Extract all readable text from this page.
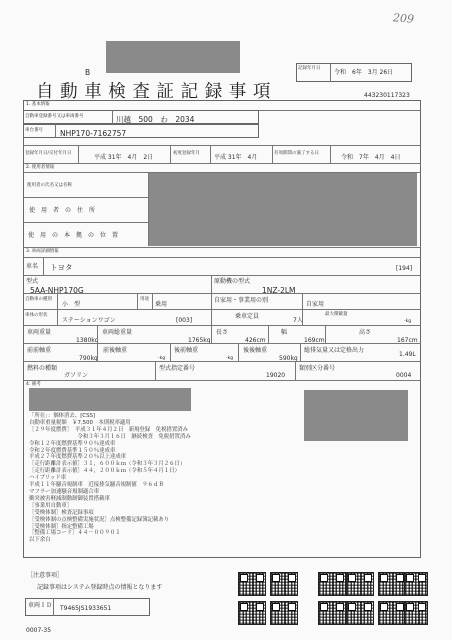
209
B
自動車検査証記録事項
記録年月日
令和　6年　3月 26日
443230117323
1. 基本情報
自動車登録番号又は車両番号	川越　500　わ　2034
車台番号 NHP170-7162757
登録年月日/交付年月日
平成 31年　4月　2日
初度登録年月
平成 31年　4月
有効期間の満了する日
令和　7年　4月　4日
2. 使用者情報
使用者の氏名又は名称
使　用　者　の　住　所
使　用　の　本　拠　の　位　置
3. 車両詳細情報
車名 トヨタ	[194]
型式
5AA-NHP170G
原動機の型式
1NZ-2LM
自動車の種別
小　型
用途
乗用
自家用・事業用の別
自家用
車体の形状
ステーションワゴン	[003]
乗車定員
7人
最大積載量
-kg
車両重量
1380kg
車両総重量
1765kg
長さ
426cm
幅
169cm
高さ
167cm
前前軸重
790kg
前後軸重
-kg
後前軸重
-kg
後後軸重
590kg
総排気量又は定格出力
1.49L
燃料の種類
ガソリン
型式指定番号
19020
類別区分番号
0004
4. 備考
「所在」：個体消去、[CSS]
自動車重量税額　￥7,500　本則税率適用
［２９年度燃費］　平成３１年４月２日　新規登録　免税措置済み
　　　　　　　　　令和３年３月１６日　継続検査　免税措置済み
令和１２年度燃費基準９０％達成車
令和２年度燃費基準１５０％達成車
平成２７年度燃費基準２０％以上達成車
［走行距離計表示値］３１，６００ｋｍ（令和３年３月２６日）
［走行距離計表示値］４４，２００ｋｍ（令和５年４月１日）
ハイブリッド車
平成１１年騒音規制車　近接排気騒音規制値　９６ｄＢ
マフラー加速騒音規制適合車
衝突被害軽減制動制御装置搭載車
［事業用自動車］
［受検体制］検査記録事項
［受検体制の点検整備実施状況］点検整備記録簿記載あり
［受検体制］指定整備工場
［整備工場コード］４４－００９０１
以下余白
［注意事項］
記録事項はシステム登録時点の情報となります
車両ＩＤ T9465JS1933651
0007-35
